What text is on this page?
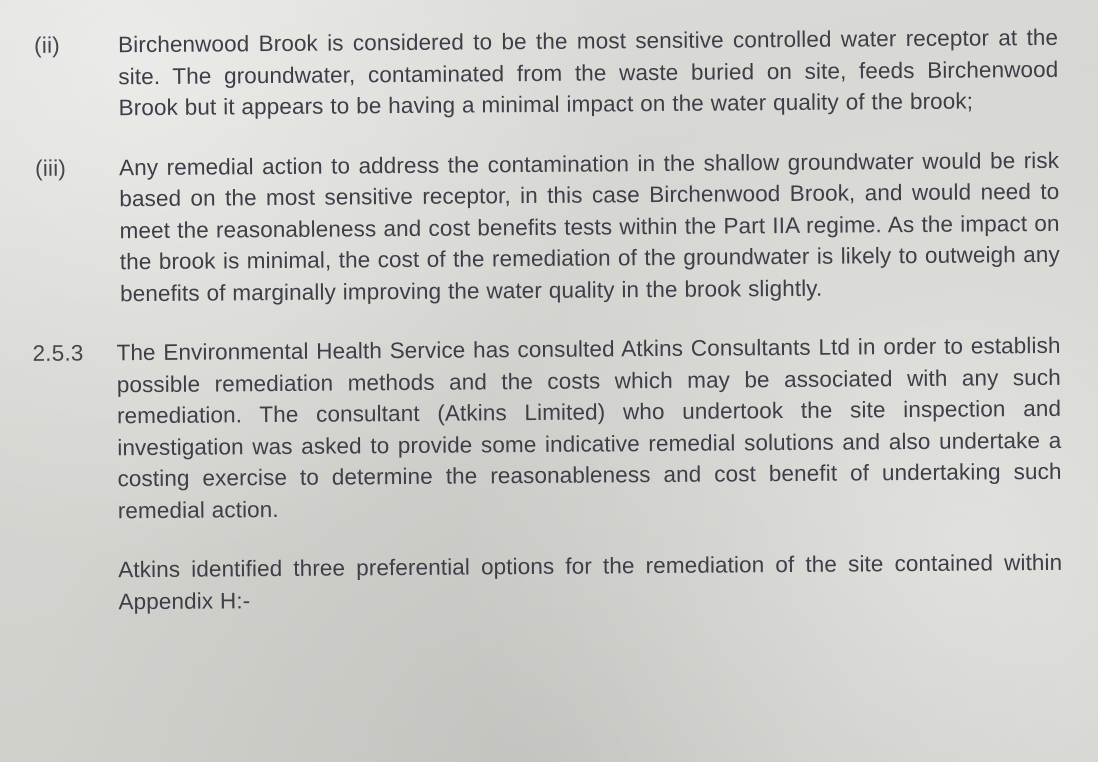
(ii)	Birchenwood Brook is considered to be the most sensitive controlled water receptor at the site. The groundwater, contaminated from the waste buried on site, feeds Birchenwood Brook but it appears to be having a minimal impact on the water quality of the brook;
(iii)	Any remedial action to address the contamination in the shallow groundwater would be risk based on the most sensitive receptor, in this case Birchenwood Brook, and would need to meet the reasonableness and cost benefits tests within the Part IIA regime. As the impact on the brook is minimal, the cost of the remediation of the groundwater is likely to outweigh any benefits of marginally improving the water quality in the brook slightly.
2.5.3	The Environmental Health Service has consulted Atkins Consultants Ltd in order to establish possible remediation methods and the costs which may be associated with any such remediation. The consultant (Atkins Limited) who undertook the site inspection and investigation was asked to provide some indicative remedial solutions and also undertake a costing exercise to determine the reasonableness and cost benefit of undertaking such remedial action.
Atkins identified three preferential options for the remediation of the site contained within Appendix H:-
